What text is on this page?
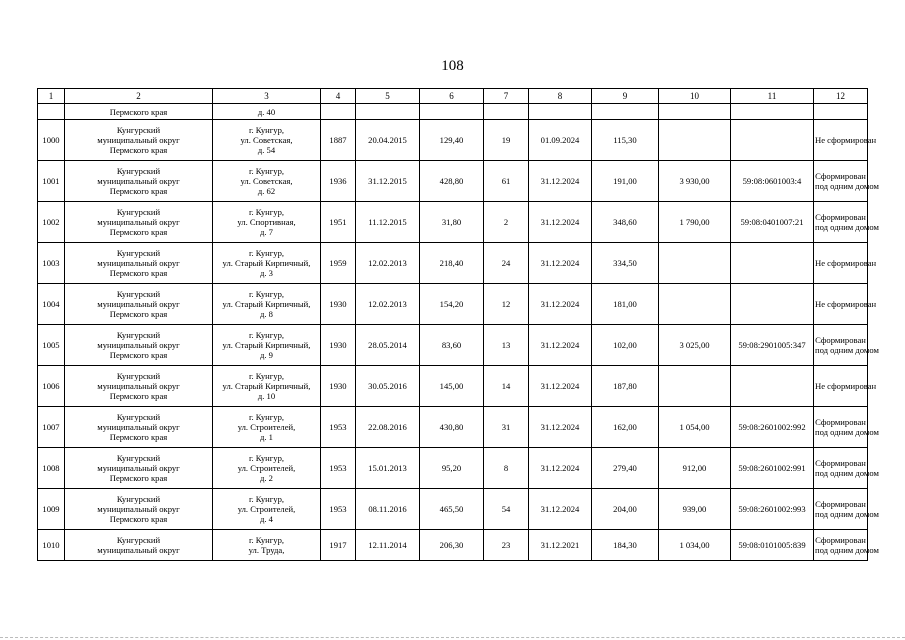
108
1	2	3	4	5	6	7	8	9	10	11	12
	Пермского края	д. 40									
1000	Кунгурский
муниципальный округ
Пермского края	г. Кунгур,
ул. Советская,
д. 54	1887	20.04.2015	129,40	19	01.09.2024	115,30			Не сформирован

1001	Кунгурский
муниципальный округ
Пермского края	г. Кунгур,
ул. Советская,
д. 62	1936	31.12.2015	428,80	61	31.12.2024	191,00	3 930,00	59:08:0601003:4	Сформирован
под одним домом

1002	Кунгурский
муниципальный округ
Пермского края	г. Кунгур,
ул. Спортивная,
д. 7	1951	11.12.2015	31,80	2	31.12.2024	348,60	1 790,00	59:08:0401007:21	Сформирован
под одним домом

1003	Кунгурский
муниципальный округ
Пермского края	г. Кунгур,
ул. Старый Кирпичный,
д. 3	1959	12.02.2013	218,40	24	31.12.2024	334,50			Не сформирован

1004	Кунгурский
муниципальный округ
Пермского края	г. Кунгур,
ул. Старый Кирпичный,
д. 8	1930	12.02.2013	154,20	12	31.12.2024	181,00			Не сформирован

1005	Кунгурский
муниципальный округ
Пермского края	г. Кунгур,
ул. Старый Кирпичный,
д. 9	1930	28.05.2014	83,60	13	31.12.2024	102,00	3 025,00	59:08:2901005:347	Сформирован
под одним домом

1006	Кунгурский
муниципальный округ
Пермского края	г. Кунгур,
ул. Старый Кирпичный,
д. 10	1930	30.05.2016	145,00	14	31.12.2024	187,80			Не сформирован

1007	Кунгурский
муниципальный округ
Пермского края	г. Кунгур,
ул. Строителей,
д. 1	1953	22.08.2016	430,80	31	31.12.2024	162,00	1 054,00	59:08:2601002:992	Сформирован
под одним домом

1008	Кунгурский
муниципальный округ
Пермского края	г. Кунгур,
ул. Строителей,
д. 2	1953	15.01.2013	95,20	8	31.12.2024	279,40	912,00	59:08:2601002:991	Сформирован
под одним домом

1009	Кунгурский
муниципальный округ
Пермского края	г. Кунгур,
ул. Строителей,
д. 4	1953	08.11.2016	465,50	54	31.12.2024	204,00	939,00	59:08:2601002:993	Сформирован
под одним домом

1010	Кунгурский
муниципальный округ	г. Кунгур,
ул. Труда,	1917	12.11.2014	206,30	23	31.12.2021	184,30	1 034,00	59:08:0101005:839	Сформирован
под одним домом
